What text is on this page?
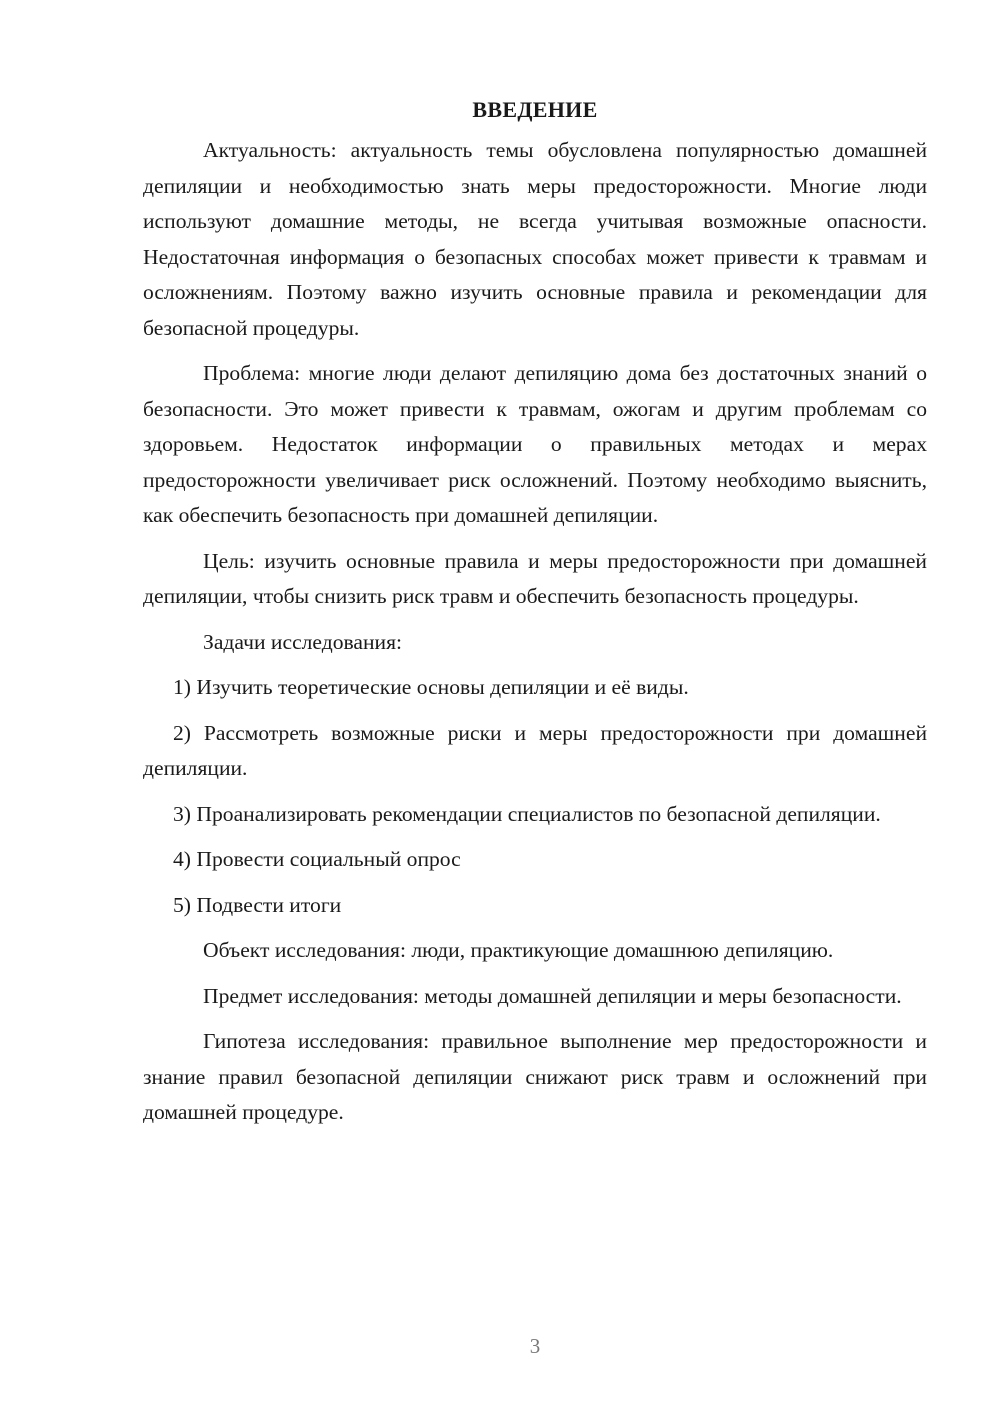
ВВЕДЕНИЕ

Актуальность: актуальность темы обусловлена популярностью домашней депиляции и необходимостью знать меры предосторожности. Многие люди используют домашние методы, не всегда учитывая возможные опасности. Недостаточная информация о безопасных способах может привести к травмам и осложнениям. Поэтому важно изучить основные правила и рекомендации для безопасной процедуры.

Проблема: многие люди делают депиляцию дома без достаточных знаний о безопасности. Это может привести к травмам, ожогам и другим проблемам со здоровьем. Недостаток информации о правильных методах и мерах предосторожности увеличивает риск осложнений. Поэтому необходимо выяснить, как обеспечить безопасность при домашней депиляции.

Цель: изучить основные правила и меры предосторожности при домашней депиляции, чтобы снизить риск травм и обеспечить безопасность процедуры.

Задачи исследования:

1) Изучить теоретические основы депиляции и её виды.

2) Рассмотреть возможные риски и меры предосторожности при домашней депиляции.

3) Проанализировать рекомендации специалистов по безопасной депиляции.

4) Провести социальный опрос

5) Подвести итоги

Объект исследования: люди, практикующие домашнюю депиляцию.

Предмет исследования: методы домашней депиляции и меры безопасности.

Гипотеза исследования: правильное выполнение мер предосторожности и знание правил безопасной депиляции снижают риск травм и осложнений при домашней процедуре.

3
